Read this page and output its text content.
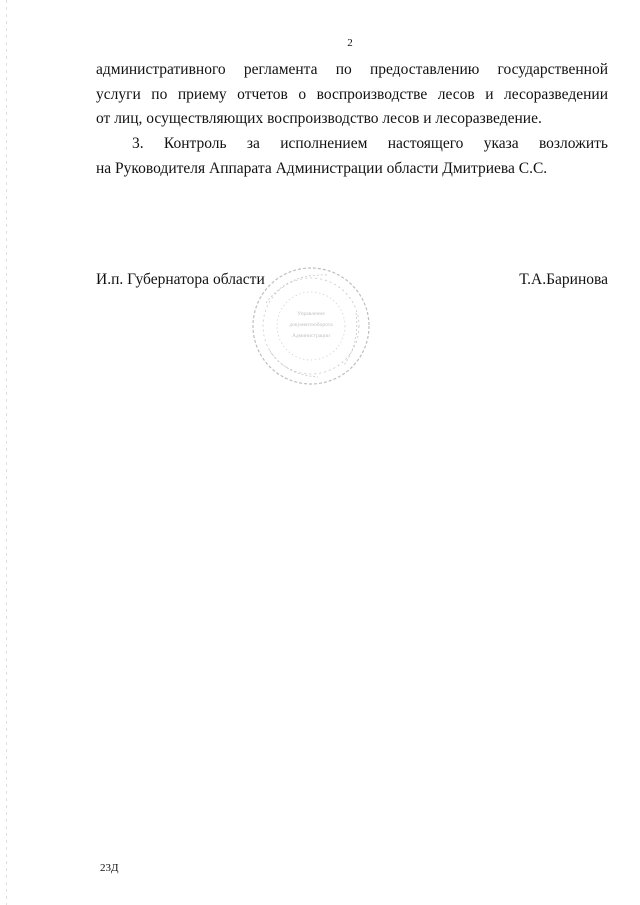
2
административного регламента по предоставлению государственной
услуги по приему отчетов о воспроизводстве лесов и лесоразведении
от лиц, осуществляющих воспроизводство лесов и лесоразведение.
3. Контроль за исполнением настоящего указа возложить
на Руководителя Аппарата Администрации области Дмитриева С.С.
И.п. Губернатора области	Т.А.Баринова
Управление
документооборота
Администрации
23Д
